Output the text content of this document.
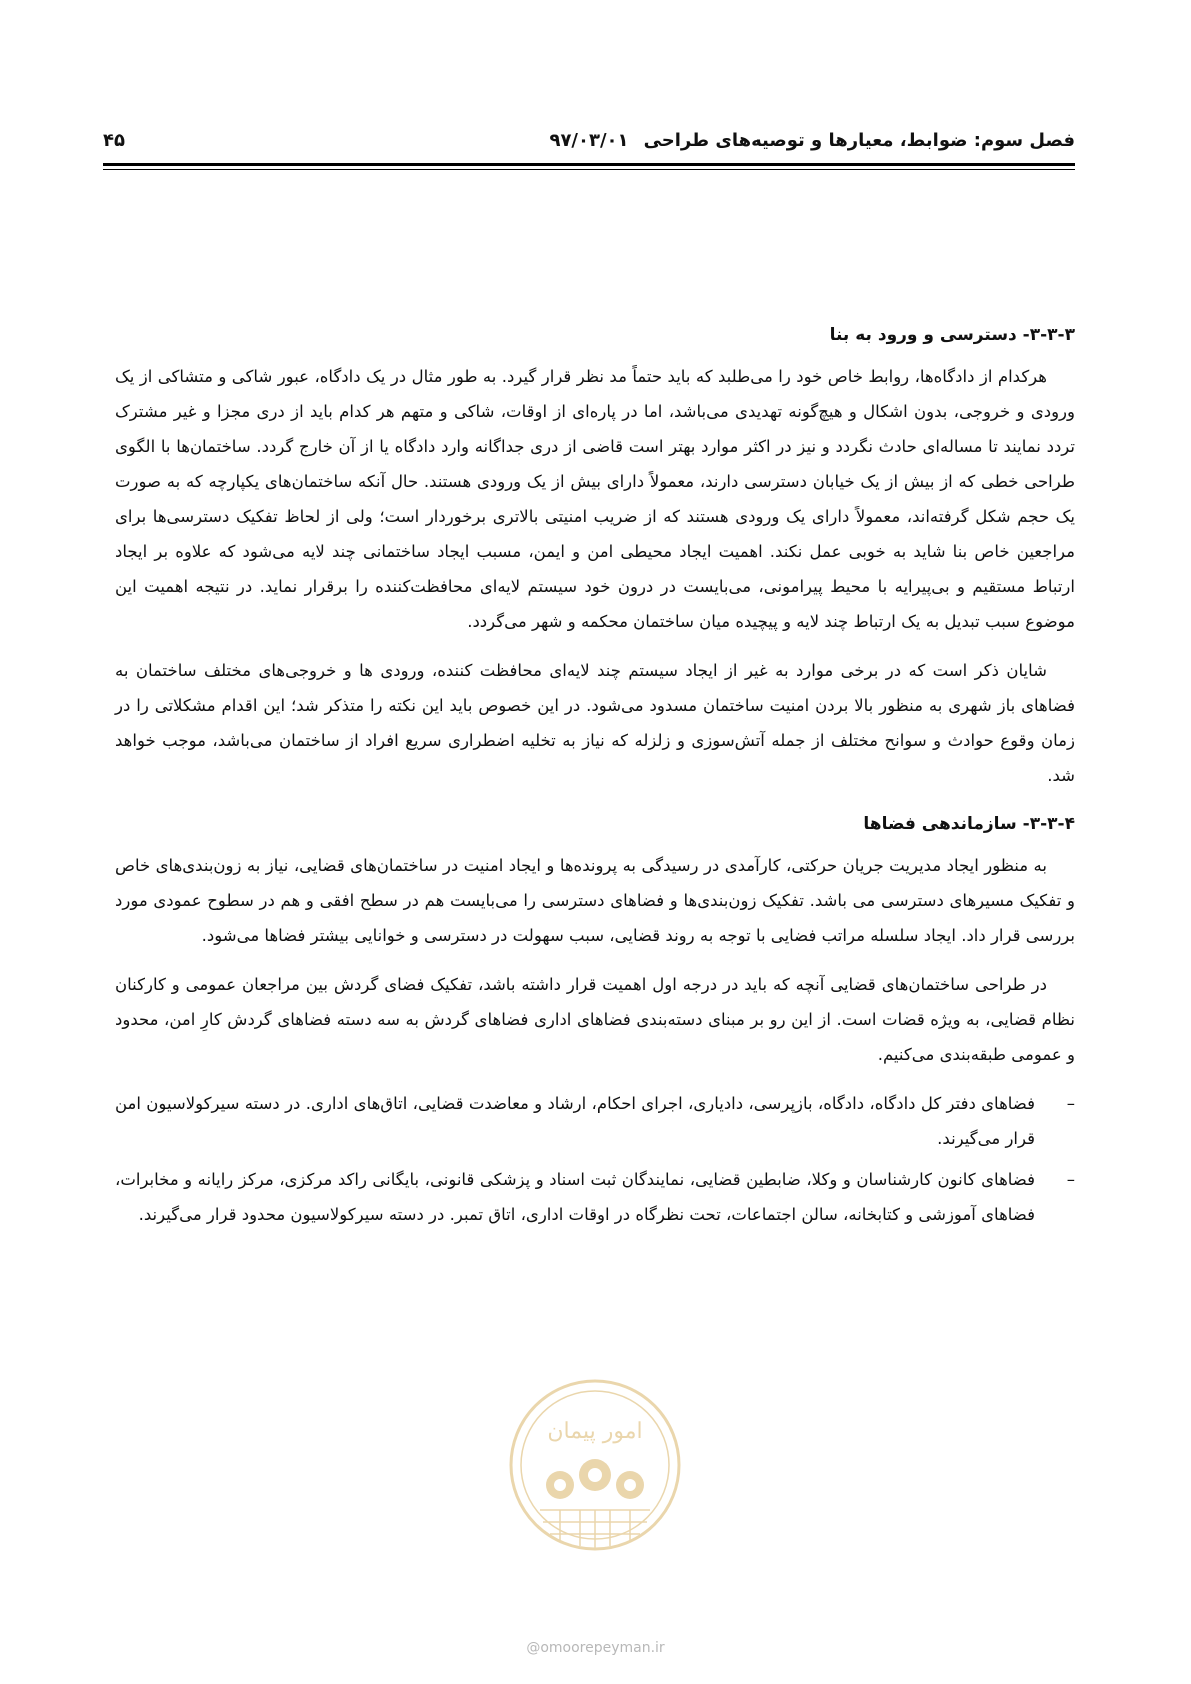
فصل سوم: ضوابط، معیارها و توصیه‌های طراحی
۹۷/۰۳/۰۱
۴۵
۳-۳-۳- دسترسی و ورود به بنا

هرکدام از دادگاه‌ها، روابط خاص خود را می‌طلبد که باید حتماً مد نظر قرار گیرد. به طور مثال در یک دادگاه، عبور شاکی و متشاکی از یک ورودی و خروجی، بدون اشکال و هیچ‌گونه تهدیدی می‌باشد، اما در پاره‌ای از اوقات، شاکی و متهم هر کدام باید از دری مجزا و غیر مشترک تردد نمایند تا مساله‌ای حادث نگردد و نیز در اکثر موارد بهتر است قاضی از دری جداگانه وارد دادگاه یا از آن خارج گردد. ساختمان‌ها با الگوی طراحی خطی که از بیش از یک خیابان دسترسی دارند، معمولاً دارای بیش از یک ورودی هستند. حال آنکه ساختمان‌های یکپارچه که به صورت یک حجم شکل گرفته‌اند، معمولاً دارای یک ورودی هستند که از ضریب امنیتی بالاتری برخوردار است؛ ولی از لحاظ تفکیک دسترسی‌ها برای مراجعین خاص بنا شاید به خوبی عمل نکند. اهمیت ایجاد محیطی امن و ایمن، مسبب ایجاد ساختمانی چند لایه می‌شود که علاوه بر ایجاد ارتباط مستقیم و بی‌پیرایه با محیط پیرامونی، می‌بایست در درون خود سیستم لایه‌ای محافظت‌کننده را برقرار نماید. در نتیجه اهمیت این موضوع سبب تبدیل به یک ارتباط چند لایه و پیچیده میان ساختمان محکمه و شهر می‌گردد.

شایان ذکر است که در برخی موارد به غیر از ایجاد سیستم چند لایه‌ای محافظت کننده، ورودی ها و خروجی‌های مختلف ساختمان به فضاهای باز شهری به منظور بالا بردن امنیت ساختمان مسدود می‌شود. در این خصوص باید این نکته را متذکر شد؛ این اقدام مشکلاتی را در زمان وقوع حوادث و سوانح مختلف از جمله آتش‌سوزی و زلزله که نیاز به تخلیه اضطراری سریع افراد از ساختمان می‌باشد، موجب خواهد شد.

۳-۳-۴- سازماندهی فضاها

به منظور ایجاد مدیریت جریان حرکتی، کارآمدی در رسیدگی به پرونده‌ها و ایجاد امنیت در ساختمان‌های قضایی، نیاز به زون‌بندی‌های خاص و تفکیک مسیرهای دسترسی می باشد. تفکیک زون‌بندی‌ها و فضاهای دسترسی را می‌بایست هم در سطح افقی و هم در سطوح عمودی مورد بررسی قرار داد. ایجاد سلسله مراتب فضایی با توجه به روند قضایی، سبب سهولت در دسترسی و خوانایی بیشتر فضاها می‌شود.

در طراحی ساختمان‌های قضایی آنچه که باید در درجه اول اهمیت قرار داشته باشد، تفکیک فضای گردش بین مراجعان عمومی و کارکنان نظام قضایی، به ویژه قضات است. از این رو بر مبنای دسته‌بندی فضاهای اداری فضاهای گردش به سه دسته فضاهای گردش کارِ امن، محدود و عمومی طبقه‌بندی می‌کنیم.

–
فضاهای دفتر کل دادگاه، دادگاه، بازپرسی، دادیاری، اجرای احکام، ارشاد و معاضدت قضایی، اتاق‌های اداری. در دسته سیرکولاسیون امن قرار می‌گیرند.
–
فضاهای کانون کارشناسان و وکلا، ضابطین قضایی، نمایندگان ثبت اسناد و پزشکی قانونی، بایگانی راکد مرکزی، مرکز رایانه و مخابرات، فضاهای آموزشی و کتابخانه، سالن اجتماعات، تحت نظرگاه در اوقات اداری، اتاق تمبر. در دسته سیرکولاسیون محدود قرار می‌گیرند.
امور پیمان
@omoorepeyman.ir
